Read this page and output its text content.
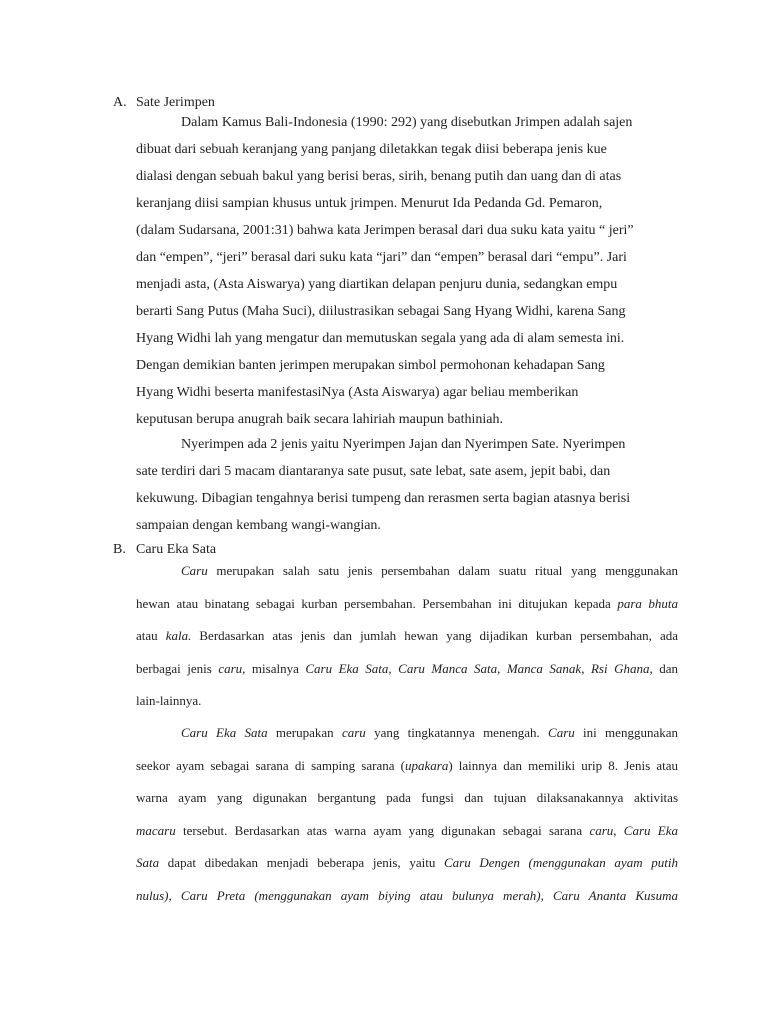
A. Sate Jerimpen
Dalam Kamus Bali-Indonesia (1990: 292) yang disebutkan Jrimpen adalah sajen
dibuat dari sebuah keranjang yang panjang diletakkan tegak diisi beberapa jenis kue
dialasi dengan sebuah bakul yang berisi beras, sirih, benang putih dan uang dan di atas
keranjang diisi sampian khusus untuk jrimpen. Menurut Ida Pedanda Gd. Pemaron,
(dalam Sudarsana, 2001:31) bahwa kata Jerimpen berasal dari dua suku kata yaitu “ jeri”
dan “empen”, “jeri” berasal dari suku kata “jari” dan “empen” berasal dari “empu”. Jari
menjadi asta, (Asta Aiswarya) yang diartikan delapan penjuru dunia, sedangkan empu
berarti Sang Putus (Maha Suci), diilustrasikan sebagai Sang Hyang Widhi, karena Sang
Hyang Widhi lah yang mengatur dan memutuskan segala yang ada di alam semesta ini.
Dengan demikian banten jerimpen merupakan simbol permohonan kehadapan Sang
Hyang Widhi beserta manifestasiNya (Asta Aiswarya) agar beliau memberikan
keputusan berupa anugrah baik secara lahiriah maupun bathiniah.
Nyerimpen ada 2 jenis yaitu Nyerimpen Jajan dan Nyerimpen Sate. Nyerimpen
sate terdiri dari 5 macam diantaranya sate pusut, sate lebat, sate asem, jepit babi, dan
kekuwung. Dibagian tengahnya berisi tumpeng dan rerasmen serta bagian atasnya berisi
sampaian dengan kembang wangi-wangian.
B. Caru Eka Sata
Caru merupakan salah satu jenis persembahan dalam suatu ritual yang menggunakan
hewan atau binatang sebagai kurban persembahan. Persembahan ini ditujukan kepada para bhuta
atau kala. Berdasarkan atas jenis dan jumlah hewan yang dijadikan kurban persembahan, ada
berbagai jenis caru, misalnya Caru Eka Sata, Caru Manca Sata, Manca Sanak, Rsi Ghana, dan
lain-lainnya.
Caru Eka Sata merupakan caru yang tingkatannya menengah. Caru ini menggunakan
seekor ayam sebagai sarana di samping sarana (upakara) lainnya dan memiliki urip 8. Jenis atau
warna ayam yang digunakan bergantung pada fungsi dan tujuan dilaksanakannya aktivitas
macaru tersebut. Berdasarkan atas warna ayam yang digunakan sebagai sarana caru, Caru Eka
Sata dapat dibedakan menjadi beberapa jenis, yaitu Caru Dengen (menggunakan ayam putih
nulus), Caru Preta (menggunakan ayam biying atau bulunya merah), Caru Ananta Kusuma
